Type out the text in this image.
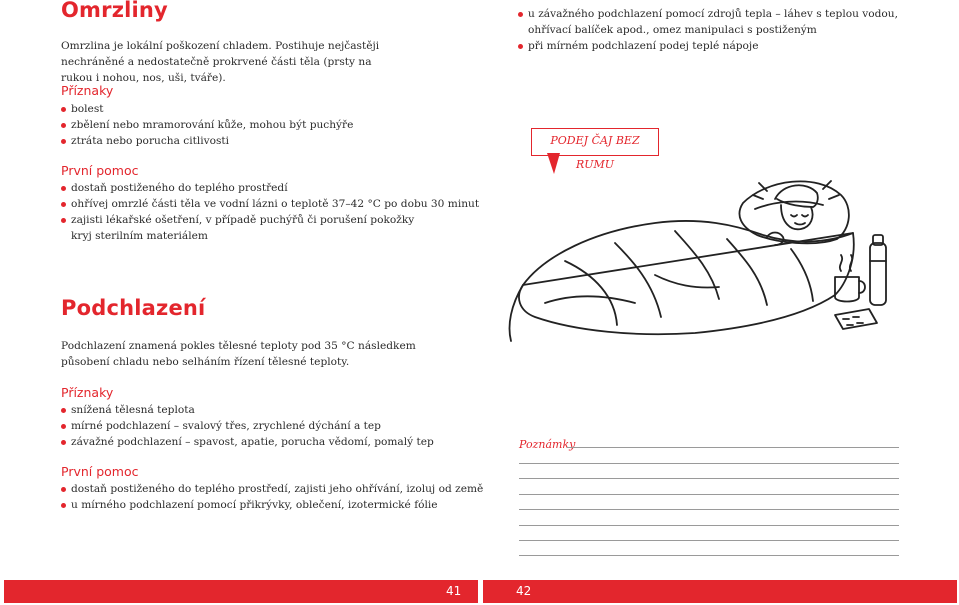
Omrzliny
Omrzlina je lokální poškození chladem. Postihuje nejčastěji nechráněné a nedostatečně prokrvené části těla (prsty na rukou i nohou, nos, uši, tváře).
Příznaky
bolest
zbělení nebo mramorování kůže, mohou být puchýře
ztráta nebo porucha citlivosti
První pomoc
dostaň postiženého do teplého prostředí
ohřívej omrzlé části těla ve vodní lázni o teplotě 37–42 °C po dobu 30 minut
zajisti lékařské ošetření, v případě puchýřů či porušení pokožky kryj sterilním materiálem
Podchlazení
Podchlazení znamená pokles tělesné teploty pod 35 °C následkem působení chladu nebo selháním řízení tělesné teploty.
Příznaky
snížená tělesná teplota
mírné podchlazení – svalový třes, zrychlené dýchání a tep
závažné podchlazení – spavost, apatie, porucha vědomí, pomalý tep
První pomoc
dostaň postiženého do teplého prostředí, zajisti jeho ohřívání, izoluj od země
u mírného podchlazení pomocí přikrývky, oblečení, izotermické fólie
u závažného podchlazení pomocí zdrojů tepla – láhev s teplou vodou, ohřívací balíček apod., omez manipulaci s postiženým
při mírném podchlazení podej teplé nápoje
PODEJ ČAJ BEZ RUMU
Poznámky
41	42
